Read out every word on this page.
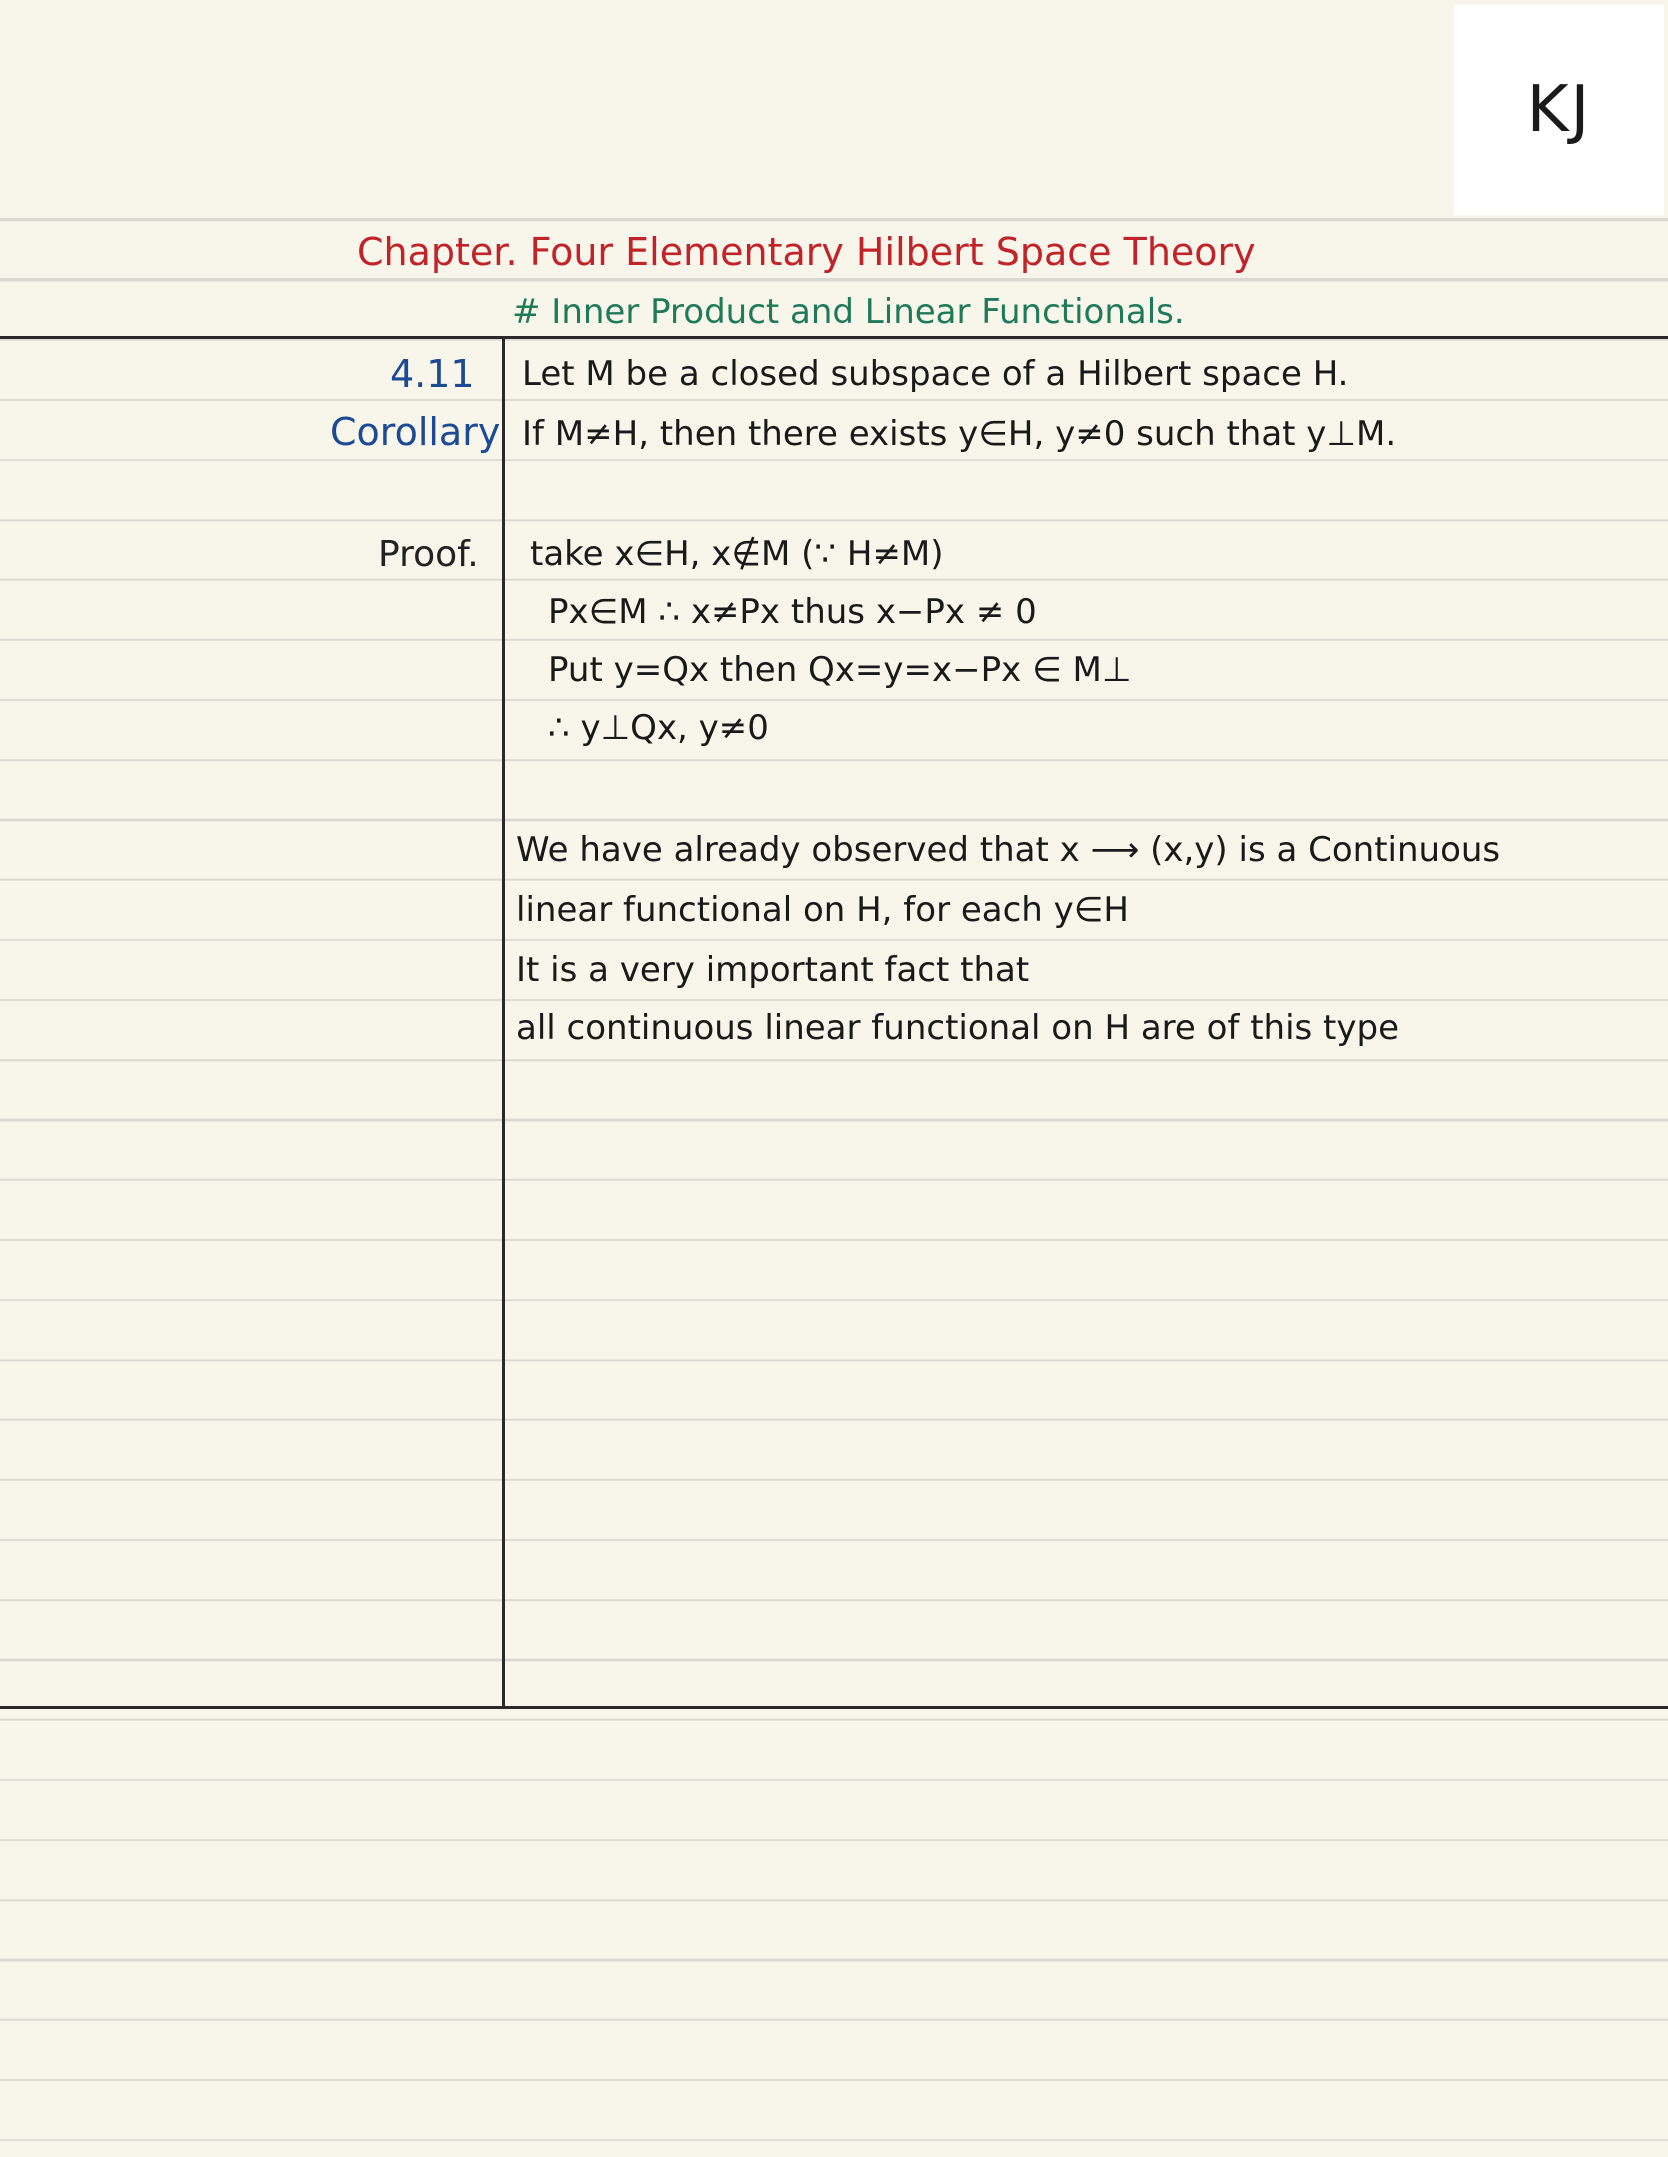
KJ
Chapter. Four Elementary Hilbert Space Theory
# Inner Product and Linear Functionals.
4.11
Corollary
Let M be a closed subspace of a Hilbert space H.
If M≠H, then there exists y∈H, y≠0 such that y⊥M.
Proof. take x∈H, x∉M (∵ H≠M)
Px∈M ∴ x≠Px thus x−Px ≠ 0
Put y=Qx then Qx=y=x−Px ∈ M⊥
∴ y⊥Qx, y≠0
We have already observed that x ⟶ (x,y) is a Continuous
linear functional on H, for each y∈H
It is a very important fact that
all continuous linear functional on H are of this type
